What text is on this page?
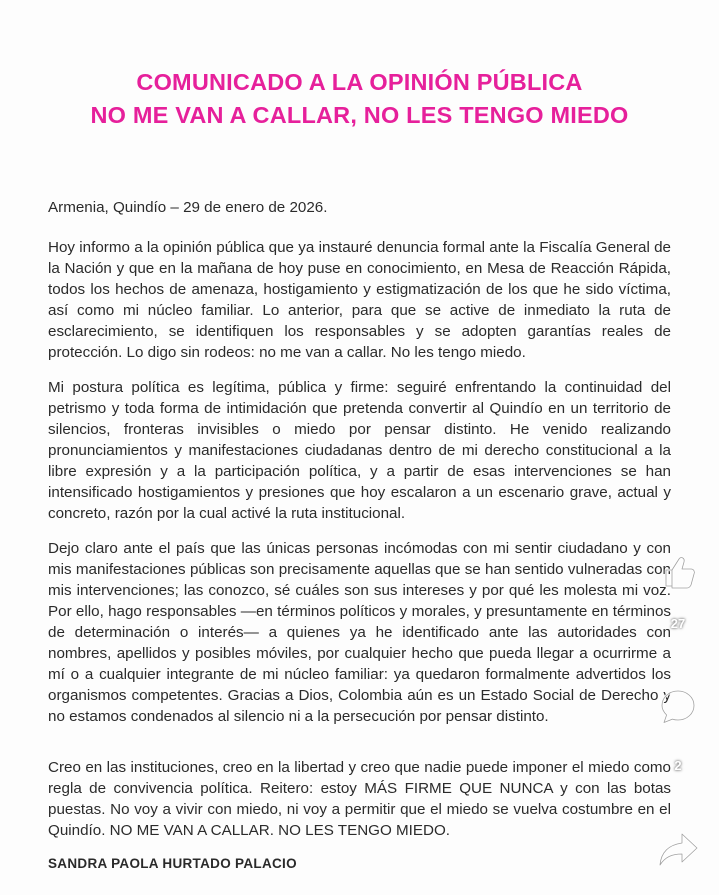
COMUNICADO A LA OPINIÓN PÚBLICA

NO ME VAN A CALLAR, NO LES TENGO MIEDO

Armenia, Quindío – 29 de enero de 2026.

Hoy informo a la opinión pública que ya instauré denuncia formal ante la Fiscalía General de la Nación y que en la mañana de hoy puse en conocimiento, en Mesa de Reacción Rápida, todos los hechos de amenaza, hostigamiento y estigmatización de los que he sido víctima, así como mi núcleo familiar. Lo anterior, para que se active de inmediato la ruta de esclarecimiento, se identifiquen los responsables y se adopten garantías reales de protección. Lo digo sin rodeos: no me van a callar. No les tengo miedo.

Mi postura política es legítima, pública y firme: seguiré enfrentando la continuidad del petrismo y toda forma de intimidación que pretenda convertir al Quindío en un territorio de silencios, fronteras invisibles o miedo por pensar distinto. He venido realizando pronunciamientos y manifestaciones ciudadanas dentro de mi derecho constitucional a la libre expresión y a la participación política, y a partir de esas intervenciones se han intensificado hostigamientos y presiones que hoy escalaron a un escenario grave, actual y concreto, razón por la cual activé la ruta institucional.

Dejo claro ante el país que las únicas personas incómodas con mi sentir ciudadano y con mis manifestaciones públicas son precisamente aquellas que se han sentido vulneradas con mis intervenciones; las conozco, sé cuáles son sus intereses y por qué les molesta mi voz. Por ello, hago responsables —en términos políticos y morales, y presuntamente en términos de determinación o interés— a quienes ya he identificado ante las autoridades con nombres, apellidos y posibles móviles, por cualquier hecho que pueda llegar a ocurrirme a mí o a cualquier integrante de mi núcleo familiar: ya quedaron formalmente advertidos los organismos competentes. Gracias a Dios, Colombia aún es un Estado Social de Derecho y no estamos condenados al silencio ni a la persecución por pensar distinto.

Creo en las instituciones, creo en la libertad y creo que nadie puede imponer el miedo como regla de convivencia política. Reitero: estoy MÁS FIRME QUE NUNCA y con las botas puestas. No voy a vivir con miedo, ni voy a permitir que el miedo se vuelva costumbre en el Quindío. NO ME VAN A CALLAR. NO LES TENGO MIEDO.

SANDRA PAOLA HURTADO PALACIO
27
2
